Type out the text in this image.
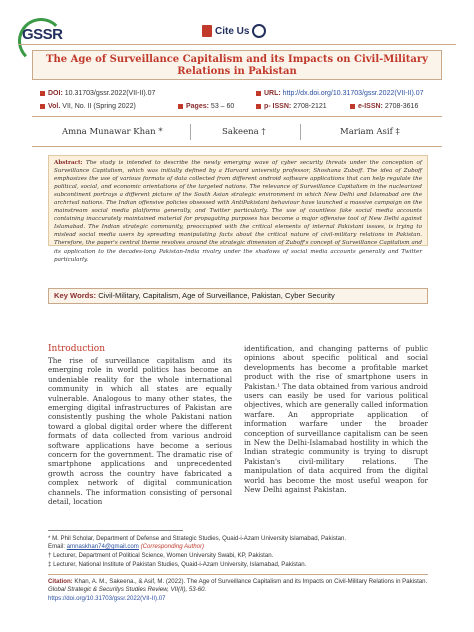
GSSR	Cite Us
The Age of Surveillance Capitalism and its Impacts on Civil-Military Relations in Pakistan
DOI: 10.31703/gssr.2022(VII-II).07	URL: http://dx.doi.org/10.31703/gssr.2022(VII-II).07
Vol. VII, No. II (Spring 2022)	Pages: 53 – 60	p- ISSN: 2708-2121	e-ISSN: 2708-3616
Amna Munawar Khan *	Sakeena †	Mariam Asif ‡

Abstract: The study is intended to describe the newly emerging wave of cyber security threats under the conception of Surveillance Capitalism, which was initially defined by a Harvard university professor, Shoshana Zuboff. The idea of Zuboff emphasizes the use of various formats of data collected from different android software applications that can help regulate the political, social, and economic orientations of the targeted nations. The relevance of Surveillance Capitalism in the nuclearized subcontinent portrays a different picture of the South Asian strategic environment in which New Delhi and Islamabad are the archrival nations. The Indian offensive policies obsessed with AntiPakistani behaviour have launched a massive campaign on the mainstream social media platforms generally, and Twitter particularly. The use of countless fake social media accounts containing inaccurately maintained material for propagating purposes has become a major offensive tool of New Delhi against Islamabad. The Indian strategic community, preoccupied with the critical elements of internal Pakistani issues, is trying to mislead social media users by spreading manipulating facts about the critical nature of civil-military relations in Pakistan. Therefore, the paper's central theme revolves around the strategic dimension of Zuboff's concept of Surveillance Capitalism and its application to the decades-long Pakistan-India rivalry under the shadows of social media accounts generally and Twitter particularly.

Key Words: Civil-Military, Capitalism, Age of Surveillance, Pakistan, Cyber Security
Introduction

The rise of surveillance capitalism and its emerging role in world politics has become an undeniable reality for the whole international community in which all states are equally vulnerable. Analogous to many other states, the emerging digital infrastructures of Pakistan are consistently pushing the whole Pakistani nation toward a global digital order where the different formats of data collected from various android software applications have become a serious concern for the government. The dramatic rise of smartphone applications and unprecedented growth across the country have fabricated a complex network of digital communication channels. The information consisting of personal detail, location

identification, and changing patterns of public opinions about specific political and social developments has become a profitable market product with the rise of smartphone users in Pakistan.¹ The data obtained from various android users can easily be used for various political objectives, which are generally called information warfare. An appropriate application of information warfare under the broader conception of surveillance capitalism can be seen in New the Delhi-Islamabad hostility in which the Indian strategic community is trying to disrupt Pakistan's civil-military relations. The manipulation of data acquired from the digital world has become the most useful weapon for New Delhi against Pakistan.

* M. Phil Scholar, Department of Defense and Strategic Studies, Quaid-i-Azam University Islamabad, Pakistan.
Email: amnaskhan74@gmail.com (Corresponding Author)
† Lecturer, Department of Political Science, Women University Swabi, KP, Pakistan.
‡ Lecturer, National Institute of Pakistan Studies, Quaid-i-Azam University, Islamabad, Pakistan.
Citation: Khan, A. M., Sakeena., & Asif, M. (2022). The Age of Surveillance Capitalism and its Impacts on Civil-Military Relations in Pakistan. Global Strategic & Securitys Studies Review, VII(II), 53-60.
https://doi.org/10.31703/gssr.2022(VII-II).07
